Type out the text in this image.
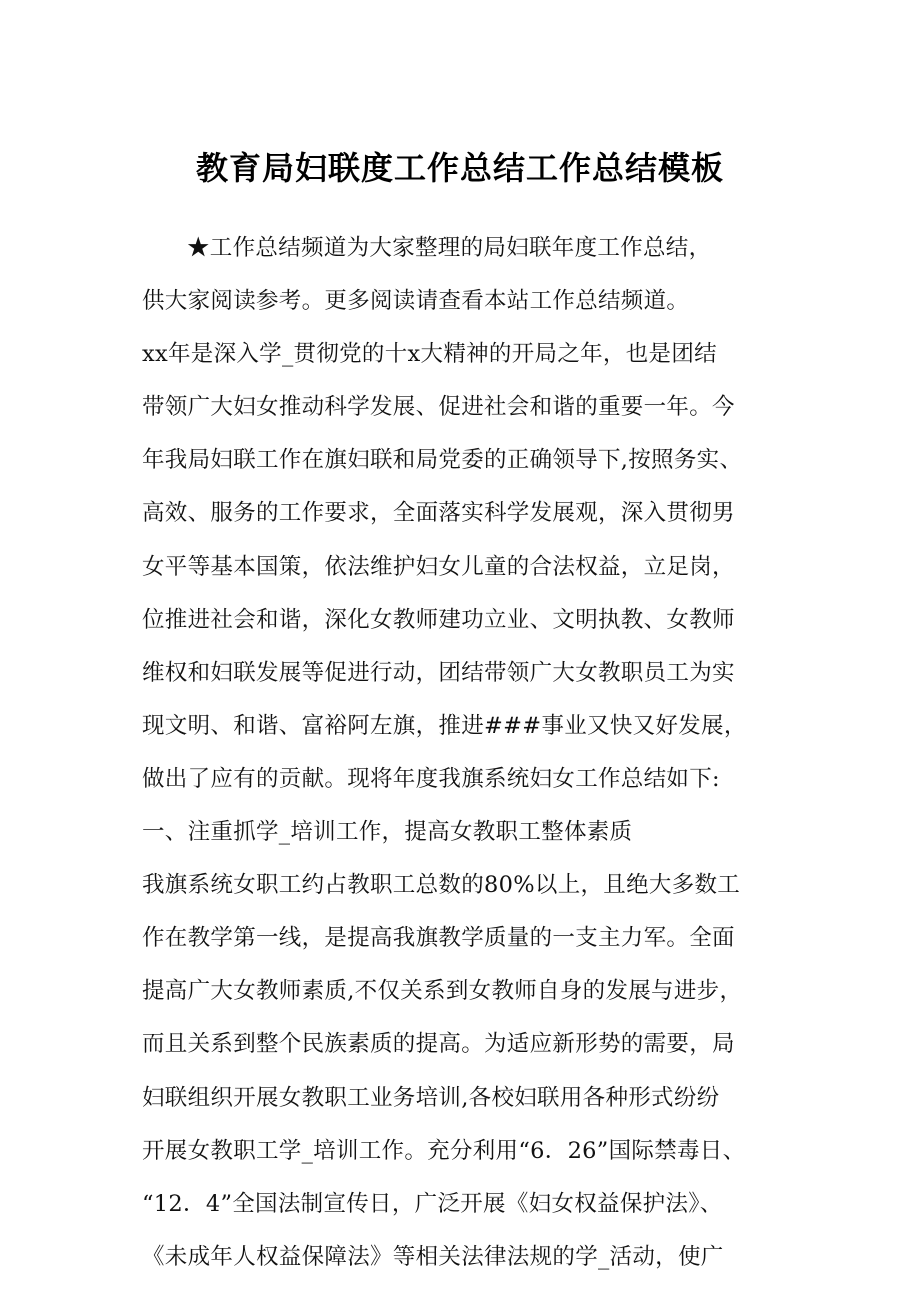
教育局妇联度工作总结工作总结模板
★工作总结频道为大家整理的局妇联年度工作总结，
供大家阅读参考。更多阅读请查看本站工作总结频道。
xx年是深入学_贯彻党的十x大精神的开局之年，也是团结
带领广大妇女推动科学发展、促进社会和谐的重要一年。今
年我局妇联工作在旗妇联和局党委的正确领导下,按照务实、
高效、服务的工作要求，全面落实科学发展观，深入贯彻男
女平等基本国策，依法维护妇女儿童的合法权益，立足岗，
位推进社会和谐，深化女教师建功立业、文明执教、女教师
维权和妇联发展等促进行动，团结带领广大女教职员工为实
现文明、和谐、富裕阿左旗，推进###事业又快又好发展，
做出了应有的贡献。现将年度我旗系统妇女工作总结如下:
一、注重抓学_培训工作，提高女教职工整体素质
我旗系统女职工约占教职工总数的80%以上，且绝大多数工
作在教学第一线，是提高我旗教学质量的一支主力军。全面
提高广大女教师素质,不仅关系到女教师自身的发展与进步，
而且关系到整个民族素质的提高。为适应新形势的需要，局
妇联组织开展女教职工业务培训,各校妇联用各种形式纷纷
开展女教职工学_培训工作。充分利用“6．26”国际禁毒日、
“12．4”全国法制宣传日，广泛开展《妇女权益保护法》、
《未成年人权益保障法》等相关法律法规的学_活动，使广
